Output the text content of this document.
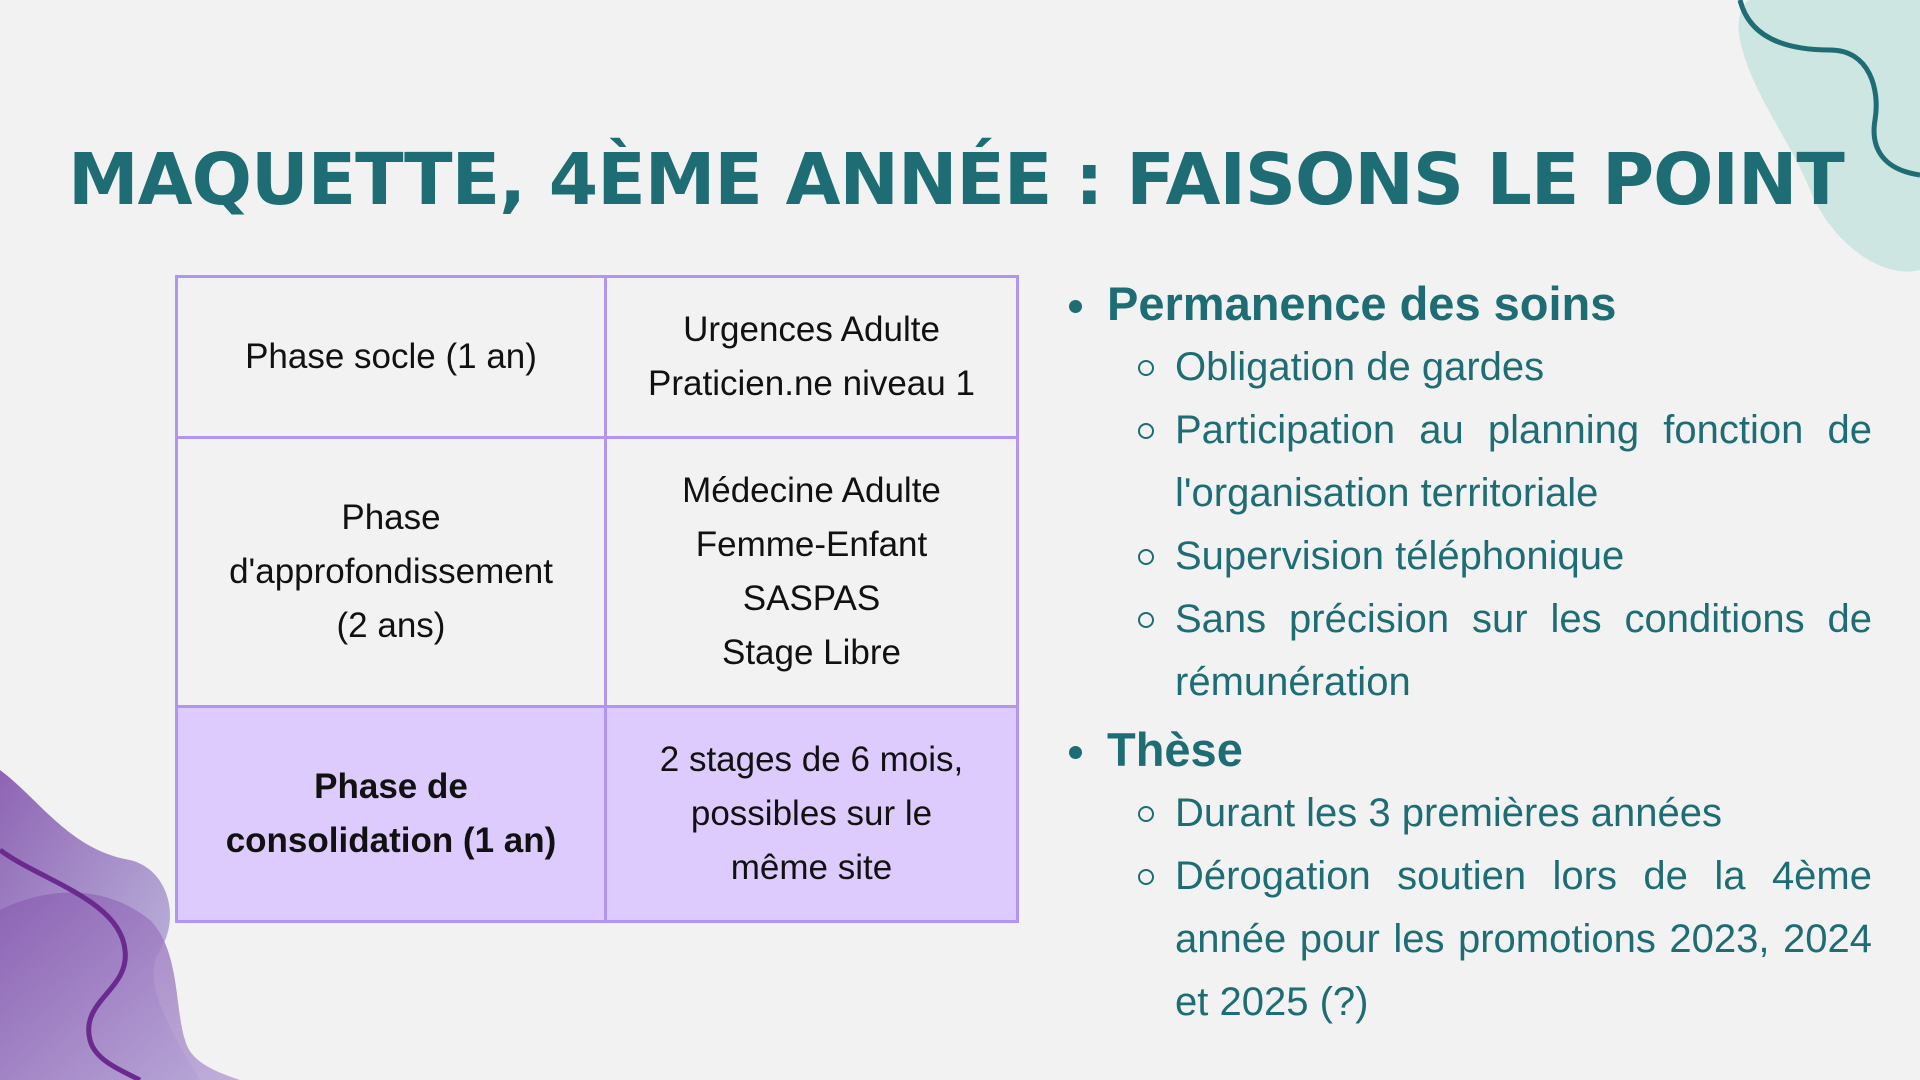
MAQUETTE, 4ÈME ANNÉE : FAISONS LE POINT
Phase socle (1 an)	Urgences Adulte
Praticien.ne niveau 1

Phase
d'approfondissement
(2 ans)	Médecine Adulte
Femme-Enfant
SASPAS
Stage Libre

Phase de
consolidation (1 an)	2 stages de 6 mois,
possibles sur le
même site
Permanence des soins
Obligation de gardes
Participation au planning fonction de l'organisation territoriale
Supervision téléphonique
Sans précision sur les conditions de rémunération
Thèse
Durant les 3 premières années
Dérogation soutien lors de la 4ème année pour les promotions 2023, 2024 et 2025 (?)
